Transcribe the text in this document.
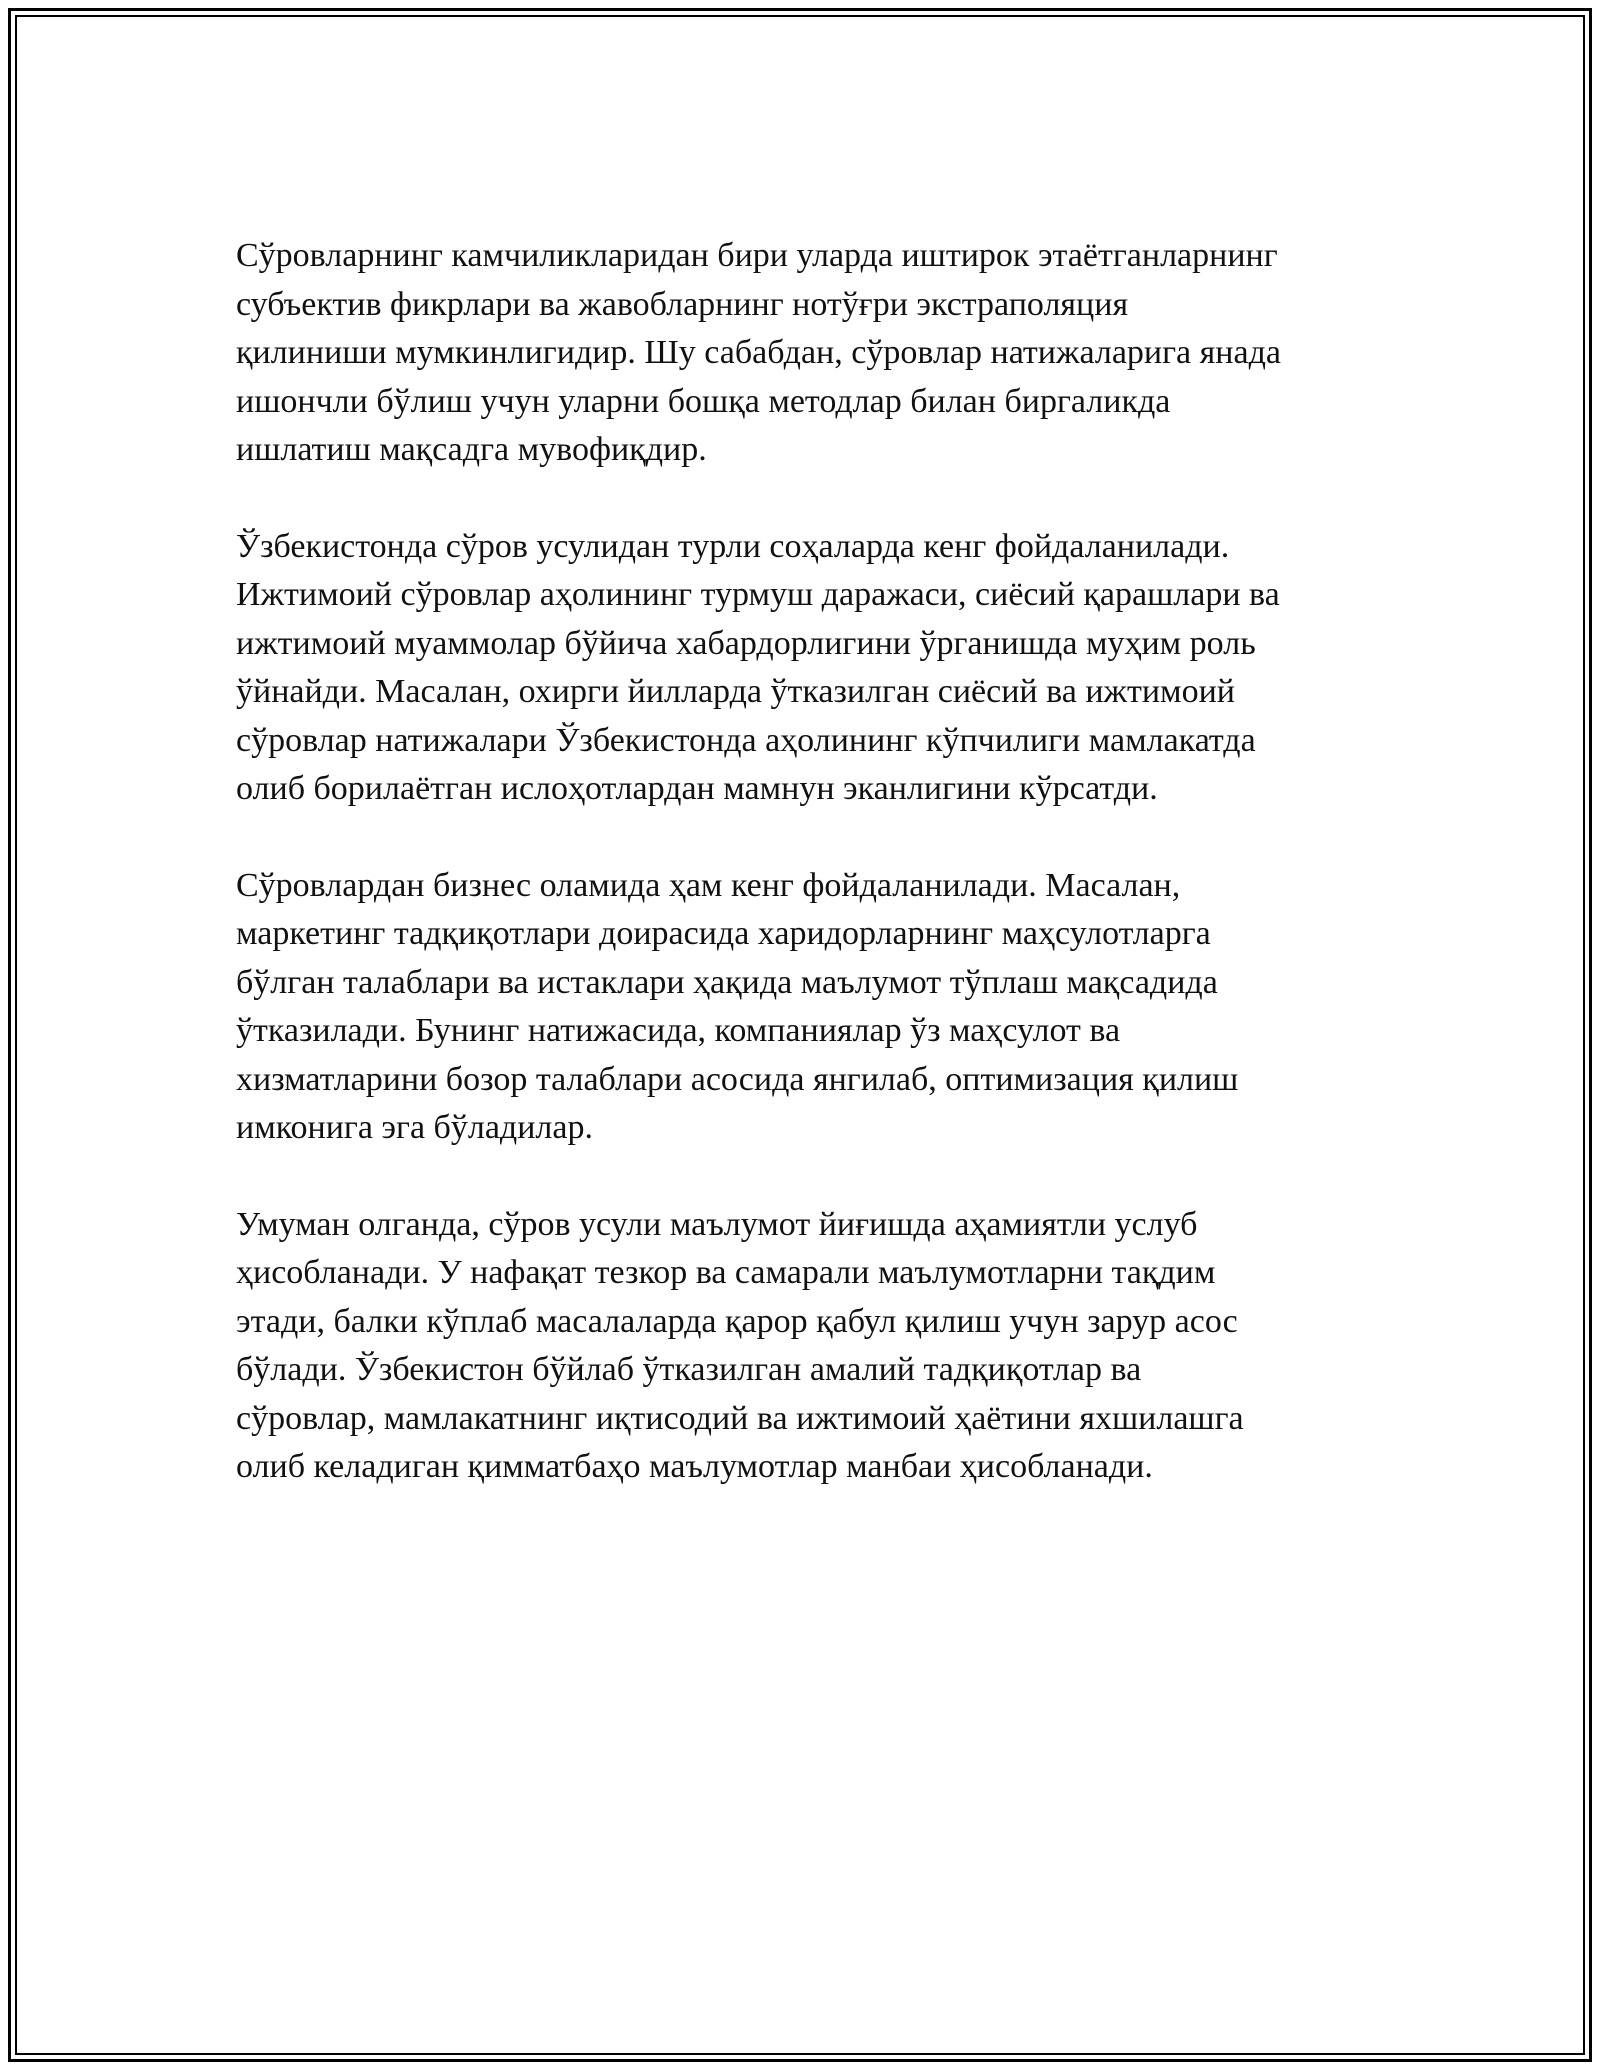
Сўровларнинг камчиликларидан бири уларда иштирок этаётганларнинг
субъектив фикрлари ва жавобларнинг нотўғри экстраполяция
қилиниши мумкинлигидир. Шу сабабдан, сўровлар натижаларига янада
ишончли бўлиш учун уларни бошқа методлар билан биргаликда
ишлатиш мақсадга мувофиқдир.

Ўзбекистонда сўров усулидан турли соҳаларда кенг фойдаланилади.
Ижтимоий сўровлар аҳолининг турмуш даражаси, сиёсий қарашлари ва
ижтимоий муаммолар бўйича хабардорлигини ўрганишда муҳим роль
ўйнайди. Масалан, охирги йилларда ўтказилган сиёсий ва ижтимоий
сўровлар натижалари Ўзбекистонда аҳолининг кўпчилиги мамлакатда
олиб борилаётган ислоҳотлардан мамнун эканлигини кўрсатди.

Сўровлардан бизнес оламида ҳам кенг фойдаланилади. Масалан,
маркетинг тадқиқотлари доирасида харидорларнинг маҳсулотларга
бўлган талаблари ва истаклари ҳақида маълумот тўплаш мақсадида
ўтказилади. Бунинг натижасида, компаниялар ўз маҳсулот ва
хизматларини бозор талаблари асосида янгилаб, оптимизация қилиш
имконига эга бўладилар.

Умуман олганда, сўров усули маълумот йиғишда аҳамиятли услуб
ҳисобланади. У нафақат тезкор ва самарали маълумотларни тақдим
этади, балки кўплаб масалаларда қарор қабул қилиш учун зарур асос
бўлади. Ўзбекистон бўйлаб ўтказилган амалий тадқиқотлар ва
сўровлар, мамлакатнинг иқтисодий ва ижтимоий ҳаётини яхшилашга
олиб келадиган қимматбаҳо маълумотлар манбаи ҳисобланади.
